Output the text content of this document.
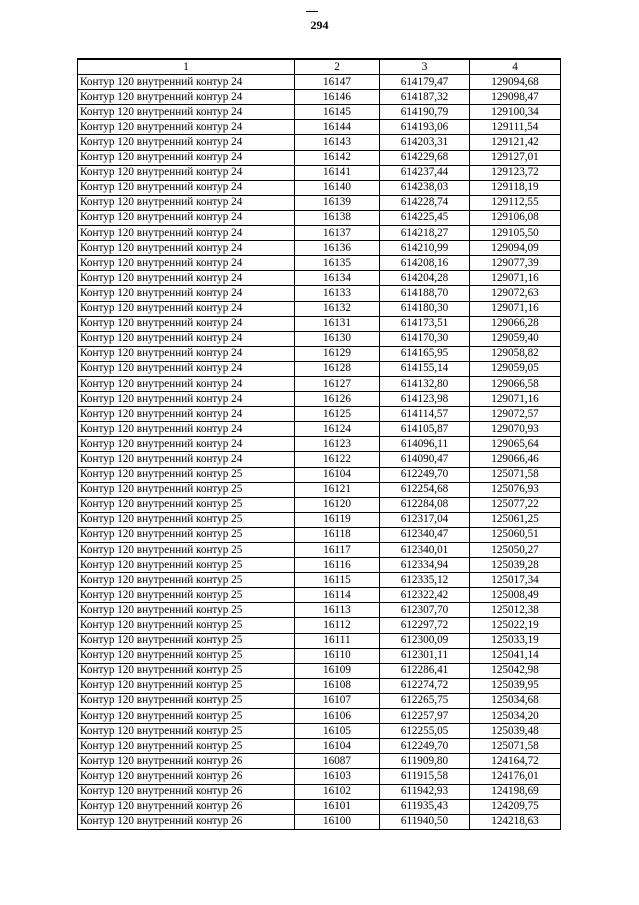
294
1	2	3	4
Контур 120 внутренний контур 24	16147	614179,47	129094,68
Контур 120 внутренний контур 24	16146	614187,32	129098,47
Контур 120 внутренний контур 24	16145	614190,79	129100,34
Контур 120 внутренний контур 24	16144	614193,06	129111,54
Контур 120 внутренний контур 24	16143	614203,31	129121,42
Контур 120 внутренний контур 24	16142	614229,68	129127,01
Контур 120 внутренний контур 24	16141	614237,44	129123,72
Контур 120 внутренний контур 24	16140	614238,03	129118,19
Контур 120 внутренний контур 24	16139	614228,74	129112,55
Контур 120 внутренний контур 24	16138	614225,45	129106,08
Контур 120 внутренний контур 24	16137	614218,27	129105,50
Контур 120 внутренний контур 24	16136	614210,99	129094,09
Контур 120 внутренний контур 24	16135	614208,16	129077,39
Контур 120 внутренний контур 24	16134	614204,28	129071,16
Контур 120 внутренний контур 24	16133	614188,70	129072,63
Контур 120 внутренний контур 24	16132	614180,30	129071,16
Контур 120 внутренний контур 24	16131	614173,51	129066,28
Контур 120 внутренний контур 24	16130	614170,30	129059,40
Контур 120 внутренний контур 24	16129	614165,95	129058,82
Контур 120 внутренний контур 24	16128	614155,14	129059,05
Контур 120 внутренний контур 24	16127	614132,80	129066,58
Контур 120 внутренний контур 24	16126	614123,98	129071,16
Контур 120 внутренний контур 24	16125	614114,57	129072,57
Контур 120 внутренний контур 24	16124	614105,87	129070,93
Контур 120 внутренний контур 24	16123	614096,11	129065,64
Контур 120 внутренний контур 24	16122	614090,47	129066,46
Контур 120 внутренний контур 25	16104	612249,70	125071,58
Контур 120 внутренний контур 25	16121	612254,68	125076,93
Контур 120 внутренний контур 25	16120	612284,08	125077,22
Контур 120 внутренний контур 25	16119	612317,04	125061,25
Контур 120 внутренний контур 25	16118	612340,47	125060,51
Контур 120 внутренний контур 25	16117	612340,01	125050,27
Контур 120 внутренний контур 25	16116	612334,94	125039,28
Контур 120 внутренний контур 25	16115	612335,12	125017,34
Контур 120 внутренний контур 25	16114	612322,42	125008,49
Контур 120 внутренний контур 25	16113	612307,70	125012,38
Контур 120 внутренний контур 25	16112	612297,72	125022,19
Контур 120 внутренний контур 25	16111	612300,09	125033,19
Контур 120 внутренний контур 25	16110	612301,11	125041,14
Контур 120 внутренний контур 25	16109	612286,41	125042,98
Контур 120 внутренний контур 25	16108	612274,72	125039,95
Контур 120 внутренний контур 25	16107	612265,75	125034,68
Контур 120 внутренний контур 25	16106	612257,97	125034,20
Контур 120 внутренний контур 25	16105	612255,05	125039,48
Контур 120 внутренний контур 25	16104	612249,70	125071,58
Контур 120 внутренний контур 26	16087	611909,80	124164,72
Контур 120 внутренний контур 26	16103	611915,58	124176,01
Контур 120 внутренний контур 26	16102	611942,93	124198,69
Контур 120 внутренний контур 26	16101	611935,43	124209,75
Контур 120 внутренний контур 26	16100	611940,50	124218,63
